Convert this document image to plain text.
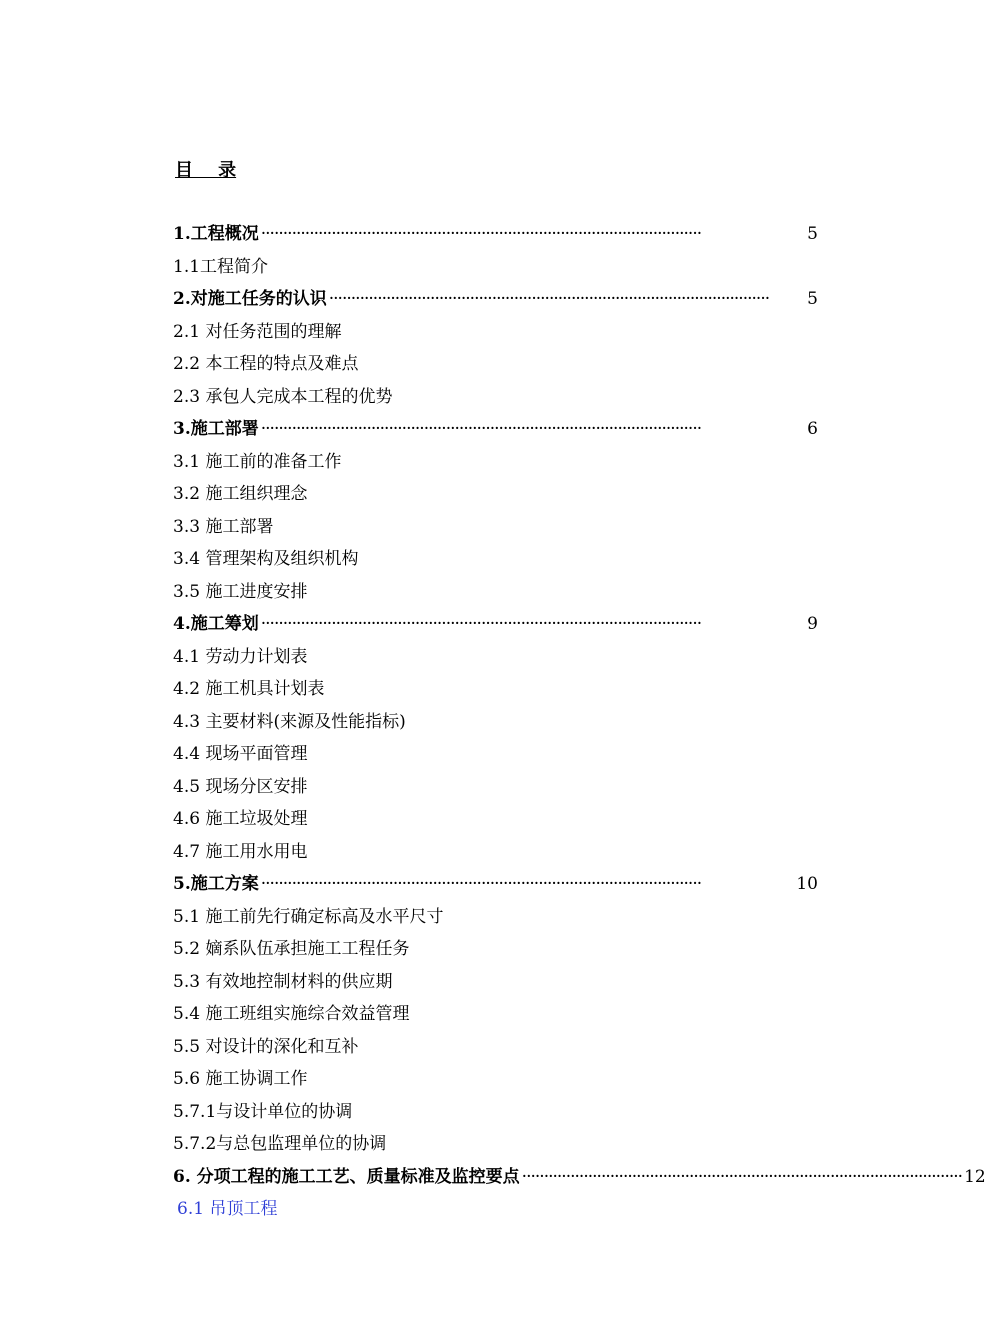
目    录
1.工程概况 ····································································································	5
1.1工程简介
2.对施工任务的认识 ····································································································	5
2.1 对任务范围的理解
2.2 本工程的特点及难点
2.3 承包人完成本工程的优势
3.施工部署 ····································································································	6
3.1 施工前的准备工作
3.2 施工组织理念
3.3 施工部署
3.4 管理架构及组织机构
3.5 施工进度安排
4.施工筹划 ····································································································	9
4.1 劳动力计划表
4.2 施工机具计划表
4.3 主要材料(来源及性能指标)
4.4 现场平面管理
4.5 现场分区安排
4.6 施工垃圾处理
4.7 施工用水用电
5.施工方案 ····································································································	10
5.1 施工前先行确定标高及水平尺寸
5.2 嫡系队伍承担施工工程任务
5.3 有效地控制材料的供应期
5.4 施工班组实施综合效益管理
5.5 对设计的深化和互补
5.6 施工协调工作
5.7.1与设计单位的协调
5.7.2与总包监理单位的协调
6. 分项工程的施工工艺、质量标准及监控要点 ···································································································· 12
6.1 吊顶工程
